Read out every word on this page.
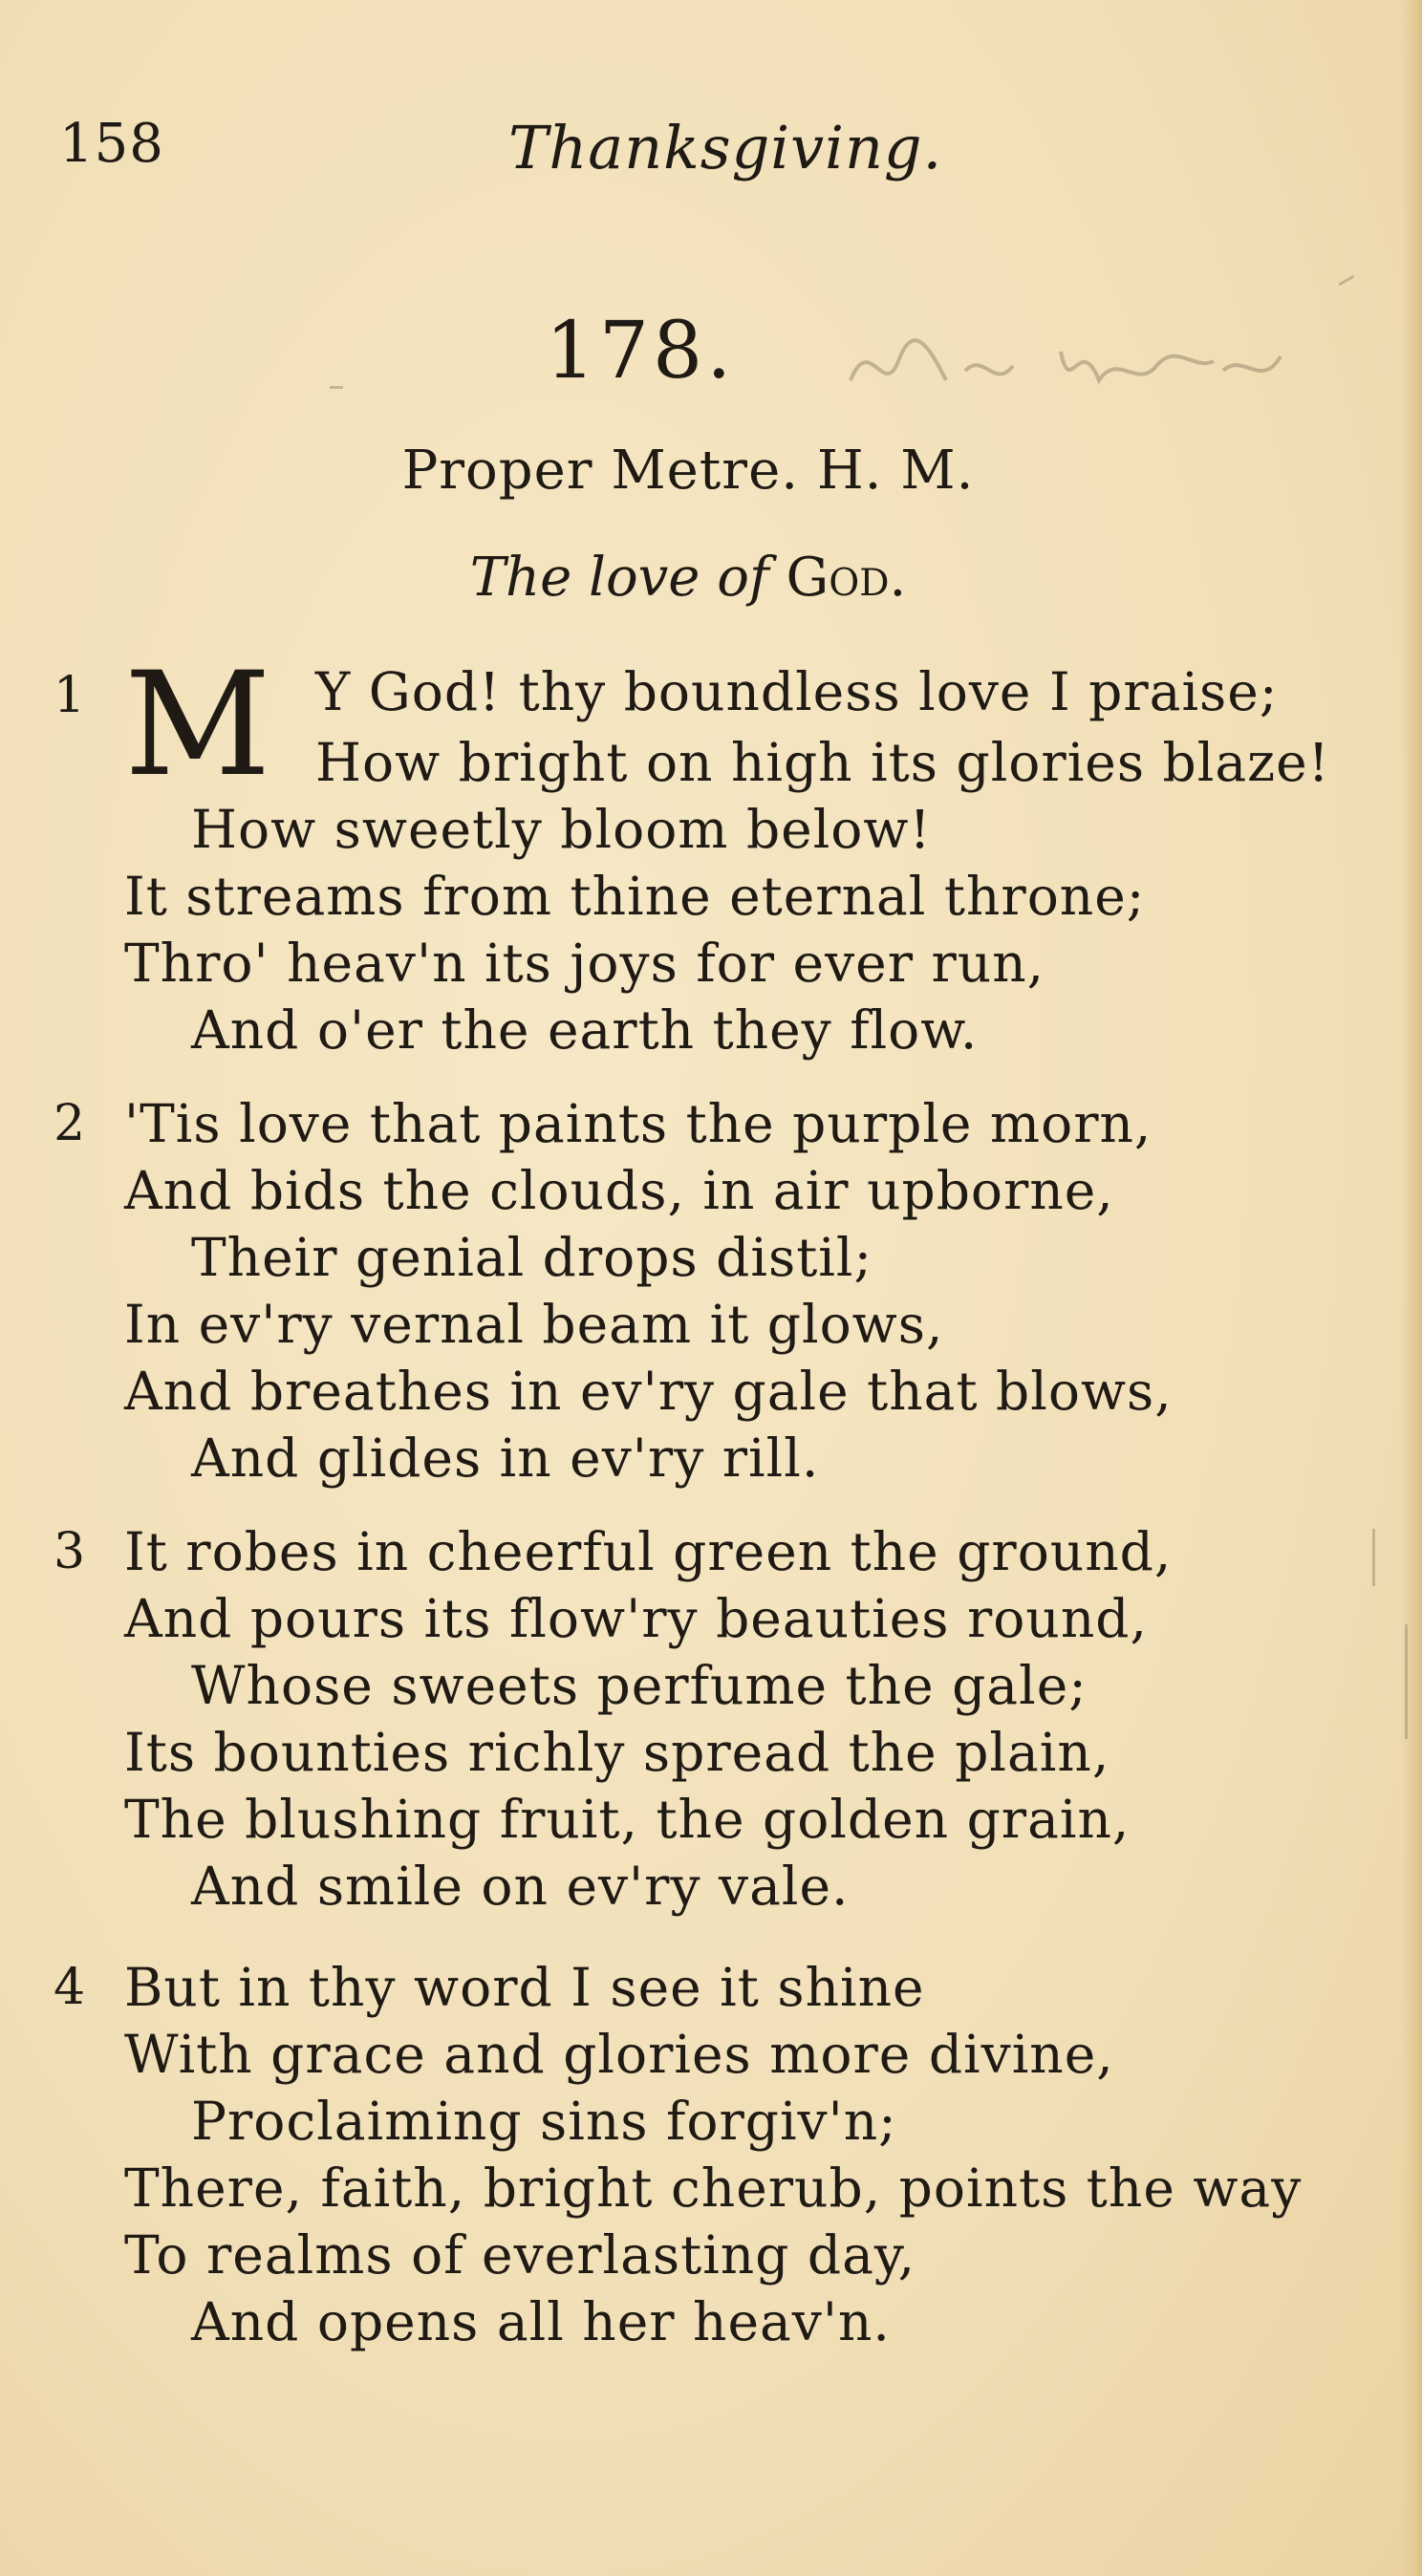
158	Thanksgiving.
178.
Proper Metre. H. M.
The love of God.
1 M Y God! thy boundless love I praise;
How bright on high its glories blaze!
How sweetly bloom below!
It streams from thine eternal throne;
Thro' heav'n its joys for ever run,
And o'er the earth they flow.
2 'Tis love that paints the purple morn,
And bids the clouds, in air upborne,
Their genial drops distil;
In ev'ry vernal beam it glows,
And breathes in ev'ry gale that blows,
And glides in ev'ry rill.
3 It robes in cheerful green the ground,
And pours its flow'ry beauties round,
Whose sweets perfume the gale;
Its bounties richly spread the plain,
The blushing fruit, the golden grain,
And smile on ev'ry vale.
4 But in thy word I see it shine
With grace and glories more divine,
Proclaiming sins forgiv'n;
There, faith, bright cherub, points the way
To realms of everlasting day,
And opens all her heav'n.
